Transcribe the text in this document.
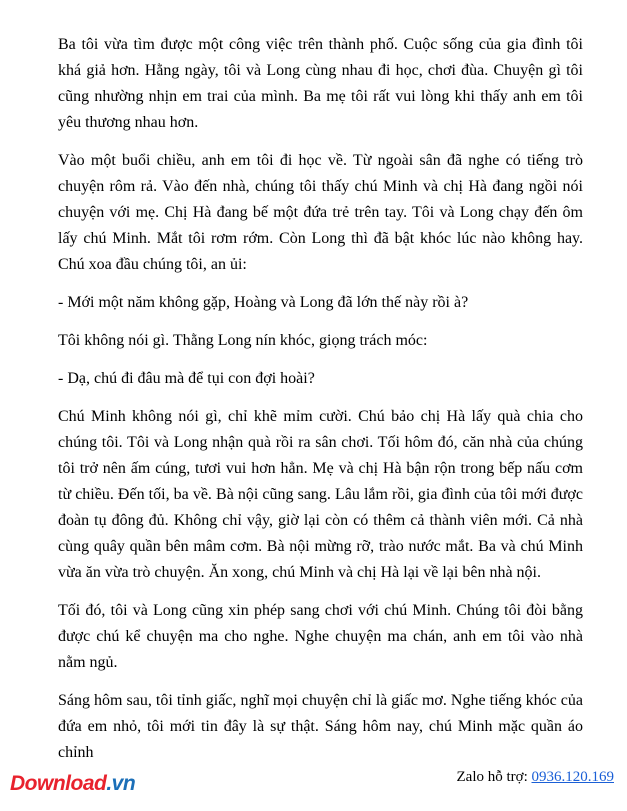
Ba tôi vừa tìm được một công việc trên thành phố. Cuộc sống của gia đình tôi khá giả hơn. Hằng ngày, tôi và Long cùng nhau đi học, chơi đùa. Chuyện gì tôi cũng nhường nhịn em trai của mình. Ba mẹ tôi rất vui lòng khi thấy anh em tôi yêu thương nhau hơn.

Vào một buổi chiều, anh em tôi đi học về. Từ ngoài sân đã nghe có tiếng trò chuyện rôm rả. Vào đến nhà, chúng tôi thấy chú Minh và chị Hà đang ngồi nói chuyện với mẹ. Chị Hà đang bế một đứa trẻ trên tay. Tôi và Long chạy đến ôm lấy chú Minh. Mắt tôi rơm rớm. Còn Long thì đã bật khóc lúc nào không hay. Chú xoa đầu chúng tôi, an ủi:

- Mới một năm không gặp, Hoàng và Long đã lớn thế này rồi à?

Tôi không nói gì. Thằng Long nín khóc, giọng trách móc:

- Dạ, chú đi đâu mà để tụi con đợi hoài?

Chú Minh không nói gì, chỉ khẽ mỉm cười. Chú bảo chị Hà lấy quà chia cho chúng tôi. Tôi và Long nhận quà rồi ra sân chơi. Tối hôm đó, căn nhà của chúng tôi trở nên ấm cúng, tươi vui hơn hẳn. Mẹ và chị Hà bận rộn trong bếp nấu cơm từ chiều. Đến tối, ba về. Bà nội cũng sang. Lâu lắm rồi, gia đình của tôi mới được đoàn tụ đông đủ. Không chỉ vậy, giờ lại còn có thêm cả thành viên mới. Cả nhà cùng quây quần bên mâm cơm. Bà nội mừng rỡ, trào nước mắt. Ba và chú Minh vừa ăn vừa trò chuyện. Ăn xong, chú Minh và chị Hà lại về lại bên nhà nội.

Tối đó, tôi và Long cũng xin phép sang chơi với chú Minh. Chúng tôi đòi bằng được chú kể chuyện ma cho nghe. Nghe chuyện ma chán, anh em tôi vào nhà nằm ngủ.

Sáng hôm sau, tôi tỉnh giấc, nghĩ mọi chuyện chỉ là giấc mơ. Nghe tiếng khóc của đứa em nhỏ, tôi mới tin đây là sự thật. Sáng hôm nay, chú Minh mặc quần áo chỉnh

Download.vn	Zalo hỗ trợ: 0936.120.169
